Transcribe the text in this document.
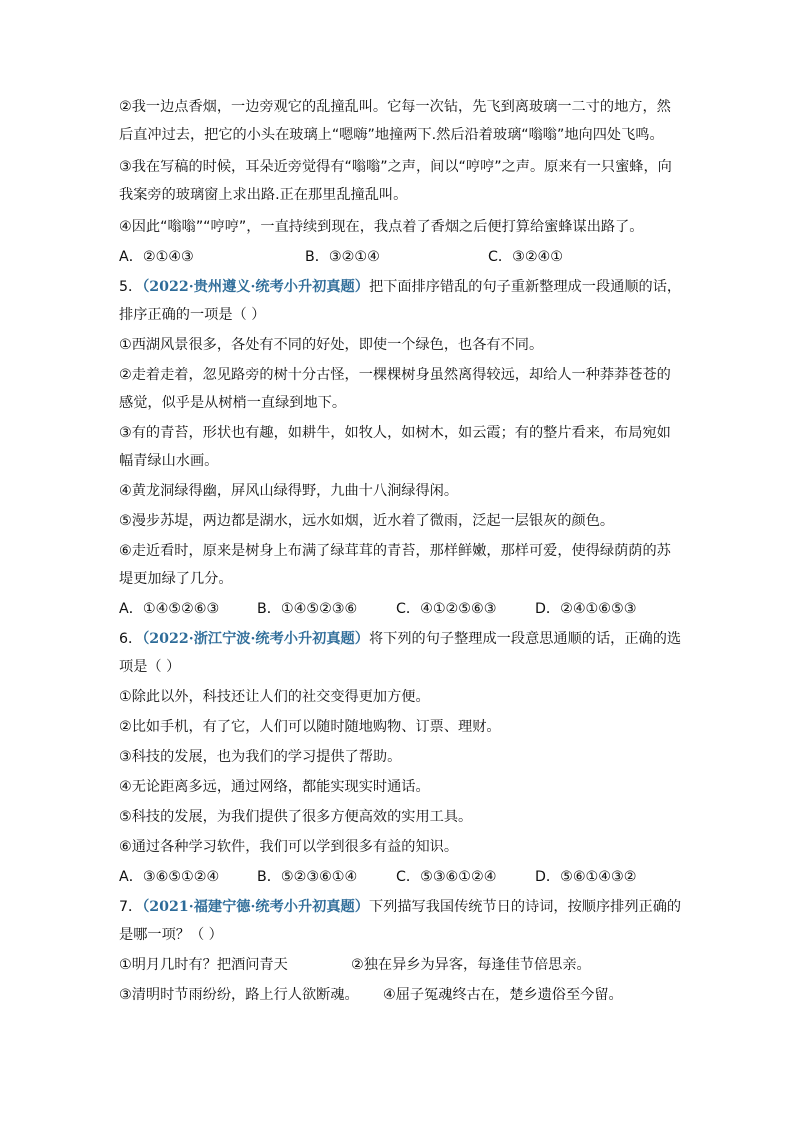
②我一边点香烟，一边旁观它的乱撞乱叫。它每一次钻，先飞到离玻璃一二寸的地方，然
后直冲过去，把它的小头在玻璃上“嗯嗨”地撞两下.然后沿着玻璃“嗡嗡”地向四处飞鸣。
③我在写稿的时候，耳朵近旁觉得有“嗡嗡”之声，间以“哼哼”之声。原来有一只蜜蜂，向
我案旁的玻璃窗上求出路.正在那里乱撞乱叫。
④因此“嗡嗡”“哼哼”，一直持续到现在，我点着了香烟之后便打算给蜜蜂谋出路了。
A．②①④③	B．③②①④	C．③②④①
5．（2022·贵州遵义·统考小升初真题）把下面排序错乱的句子重新整理成一段通顺的话，
排序正确的一项是（ ）
①西湖风景很多，各处有不同的好处，即使一个绿色，也各有不同。
②走着走着，忽见路旁的树十分古怪，一棵棵树身虽然离得较远，却给人一种莽莽苍苍的
感觉，似乎是从树梢一直绿到地下。
③有的青苔，形状也有趣，如耕牛，如牧人，如树木，如云霞；有的整片看来，布局宛如
幅青绿山水画。
④黄龙洞绿得幽，屏风山绿得野，九曲十八涧绿得闲。
⑤漫步苏堤，两边都是湖水，远水如烟，近水着了微雨，泛起一层银灰的颜色。
⑥走近看时，原来是树身上布满了绿茸茸的青苔，那样鲜嫩，那样可爱，使得绿荫荫的苏
堤更加绿了几分。
A．①④⑤②⑥③	B．①④⑤②③⑥	C．④①②⑤⑥③	D．②④①⑥⑤③
6．（2022·浙江宁波·统考小升初真题）将下列的句子整理成一段意思通顺的话，正确的选
项是（ ）
①除此以外，科技还让人们的社交变得更加方便。
②比如手机，有了它，人们可以随时随地购物、订票、理财。
③科技的发展，也为我们的学习提供了帮助。
④无论距离多远，通过网络，都能实现实时通话。
⑤科技的发展，为我们提供了很多方便高效的实用工具。
⑥通过各种学习软件，我们可以学到很多有益的知识。
A．③⑥⑤①②④	B．⑤②③⑥①④	C．⑤③⑥①②④	D．⑤⑥①④③②
7．（2021·福建宁德·统考小升初真题）下列描写我国传统节日的诗词，按顺序排列正确的
是哪一项？（ ）
①明月几时有？把酒问青天	②独在异乡为异客，每逢佳节倍思亲。
③清明时节雨纷纷，路上行人欲断魂。 ④屈子冤魂终古在，楚乡遗俗至今留。
